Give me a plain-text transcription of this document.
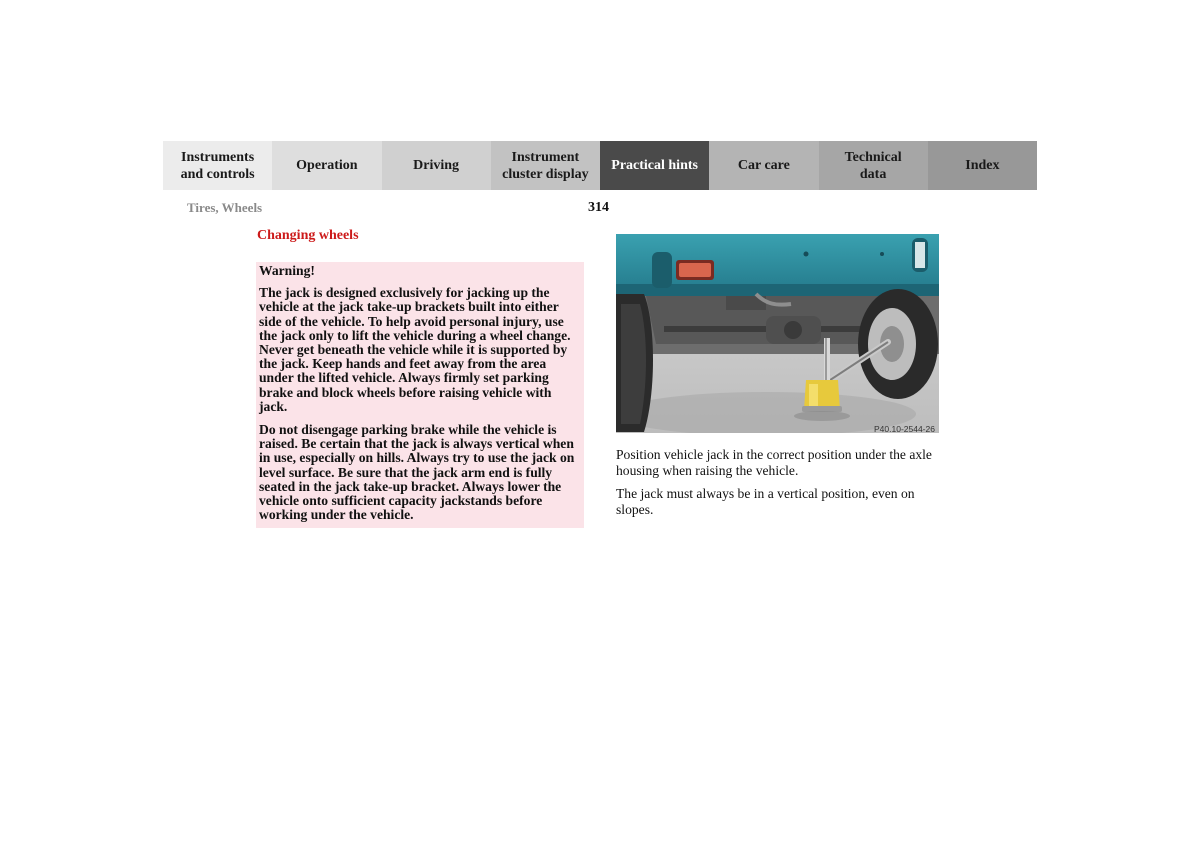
Instruments
and controls
Operation	Driving
Instrument
cluster display
Practical hints	Car care
Technical
data
Index
Tires, Wheels	314
Changing wheels

Warning!

The jack is designed exclusively for jacking up the vehicle at the jack take-up brackets built into either side of the vehicle. To help avoid personal injury, use the jack only to lift the vehicle during a wheel change. Never get beneath the vehicle while it is supported by the jack. Keep hands and feet away from the area under the lifted vehicle. Always firmly set parking brake and block wheels before raising vehicle with jack.

Do not disengage parking brake while the vehicle is raised. Be certain that the jack is always vertical when in use, especially on hills. Always try to use the jack on level surface. Be sure that the jack arm end is fully seated in the jack take-up bracket. Always lower the vehicle onto sufficient capacity jackstands before working under the vehicle.

P40.10-2544-26

Position vehicle jack in the correct position under the axle housing when raising the vehicle.

The jack must always be in a vertical position, even on slopes.
